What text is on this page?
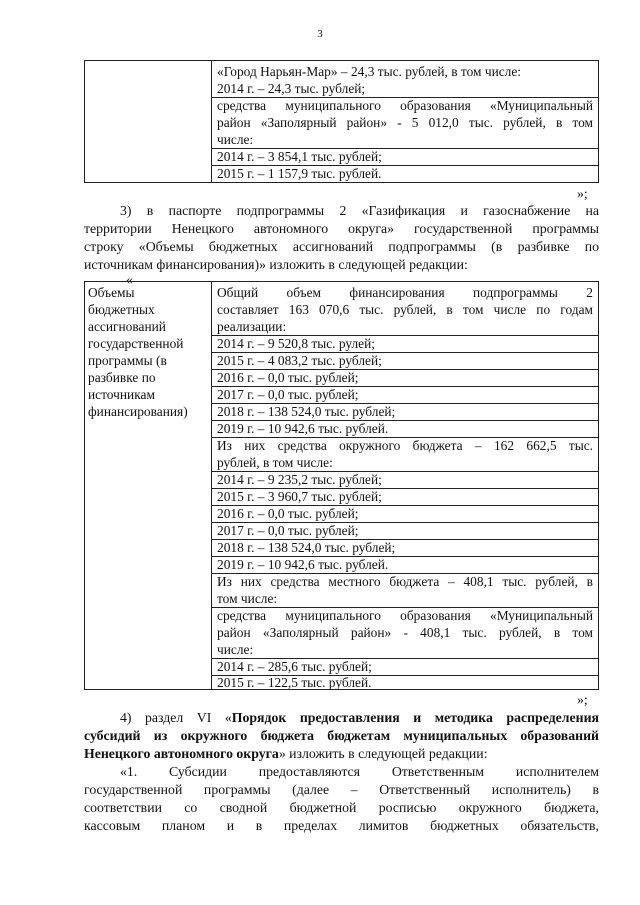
3
«Город Нарьян-Мар» – 24,3 тыс. рублей, в том числе:
2014 г. – 24,3 тыс. рублей;
средства муниципального образования «Муниципальный
район «Заполярный район» - 5 012,0 тыс. рублей, в том
числе:
2014 г. – 3 854,1 тыс. рублей;
2015 г. – 1 157,9 тыс. рублей.
»;
3) в паспорте подпрограммы 2 «Газификация и газоснабжение на
территории Ненецкого автономного округа» государственной программы
строку «Объемы бюджетных ассигнований подпрограммы (в разбивке по
источникам финансирования)» изложить в следующей редакции:
«
Объемы
бюджетных
ассигнований
государственной
программы (в
разбивке по
источникам
финансирования)
Общий объем финансирования подпрограммы 2
составляет 163 070,6 тыс. рублей, в том числе по годам
реализации:
2014 г. – 9 520,8 тыс. рулей;
2015 г. – 4 083,2 тыс. рублей;
2016 г. – 0,0 тыс. рублей;
2017 г. – 0,0 тыс. рублей;
2018 г. – 138 524,0 тыс. рублей;
2019 г. – 10 942,6 тыс. рублей.
Из них средства окружного бюджета – 162 662,5 тыс.
рублей, в том числе:
2014 г. – 9 235,2 тыс. рублей;
2015 г. – 3 960,7 тыс. рублей;
2016 г. – 0,0 тыс. рублей;
2017 г. – 0,0 тыс. рублей;
2018 г. – 138 524,0 тыс. рублей;
2019 г. – 10 942,6 тыс. рублей.
Из них средства местного бюджета – 408,1 тыс. рублей, в
том числе:
средства муниципального образования «Муниципальный
район «Заполярный район» - 408,1 тыс. рублей, в том
числе:
2014 г. – 285,6 тыс. рублей;
2015 г. – 122,5 тыс. рублей.
»;
4) раздел VI «Порядок предоставления и методика распределения
субсидий из окружного бюджета бюджетам муниципальных образований
Ненецкого автономного округа» изложить в следующей редакции:
«1. Субсидии предоставляются Ответственным исполнителем
государственной программы (далее – Ответственный исполнитель) в
соответствии со сводной бюджетной росписью окружного бюджета,
кассовым планом и в пределах лимитов бюджетных обязательств,
